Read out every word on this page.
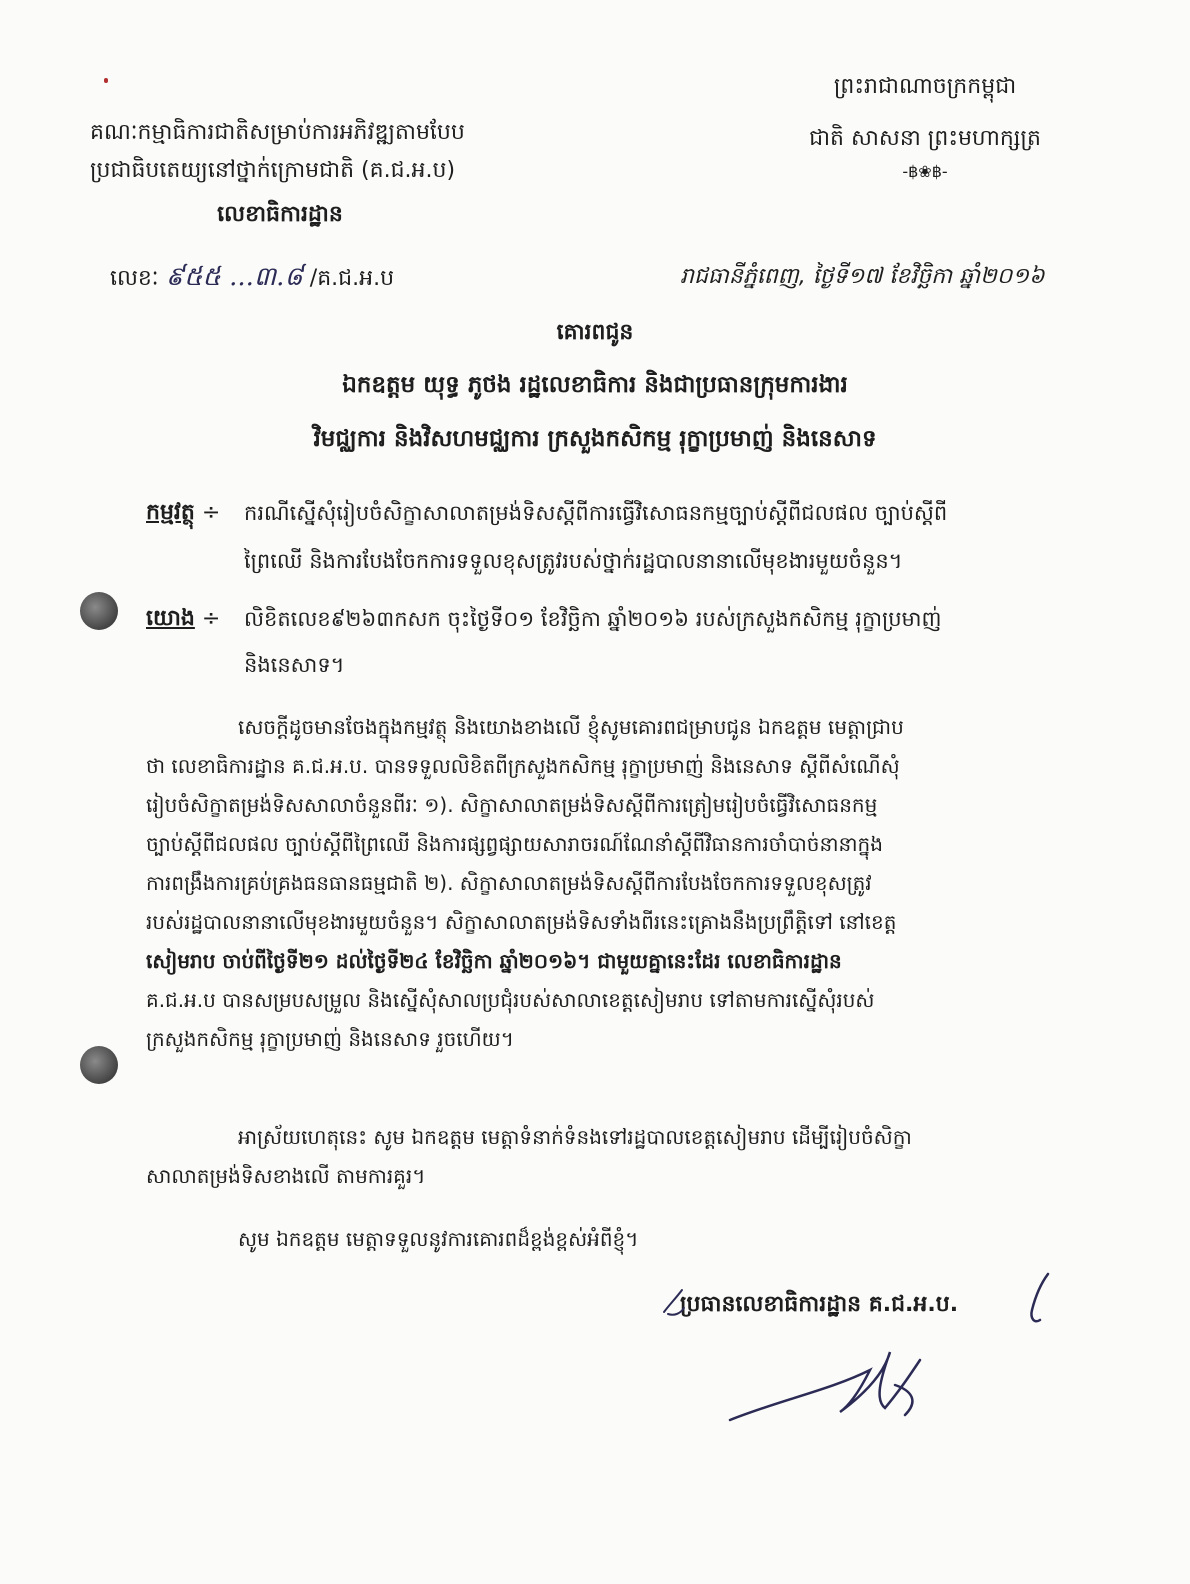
ព្រះរាជាណាចក្រកម្ពុជា
ជាតិ សាសនា ព្រះមហាក្សត្រ
-฿❀฿-
គណៈកម្មាធិការជាតិសម្រាប់ការអភិវឌ្ឍតាមបែប
ប្រជាធិបតេយ្យនៅថ្នាក់ក្រោមជាតិ (គ.ជ.អ.ប)
លេខាធិការដ្ឋាន
លេខៈ ៩៥៥ ...៣.៨ /គ.ជ.អ.ប	រាជធានីភ្នំពេញ, ថ្ងៃទី១៧ ខែវិច្ឆិកា ឆ្នាំ២០១៦
គោរពជូន
ឯកឧត្តម យុទ្ធ ភូថង រដ្ឋលេខាធិការ និងជាប្រធានក្រុមការងារ
វិមជ្ឈការ និងវិសហមជ្ឈការ ក្រសួងកសិកម្ម រុក្ខាប្រមាញ់ និងនេសាទ
កម្មវត្ថុ ÷ ករណីស្នើសុំរៀបចំសិក្ខាសាលាតម្រង់ទិសស្តីពីការធ្វើវិសោធនកម្មច្បាប់ស្តីពីជលផល ច្បាប់ស្តីពី
ព្រៃឈើ និងការបែងចែកការទទួលខុសត្រូវរបស់ថ្នាក់រដ្ឋបាលនានាលើមុខងារមួយចំនួន។
យោង ÷ លិខិតលេខ៩២៦៣កសក ចុះថ្ងៃទី០១ ខែវិច្ឆិកា ឆ្នាំ២០១៦ របស់ក្រសួងកសិកម្ម រុក្ខាប្រមាញ់
និងនេសាទ។
សេចក្តីដូចមានចែងក្នុងកម្មវត្ថុ និងយោងខាងលើ ខ្ញុំសូមគោរពជម្រាបជូន ឯកឧត្តម មេត្តាជ្រាប
ថា លេខាធិការដ្ឋាន គ.ជ.អ.ប. បានទទួលលិខិតពីក្រសួងកសិកម្ម រុក្ខាប្រមាញ់ និងនេសាទ ស្តីពីសំណើសុំ
រៀបចំសិក្ខាតម្រង់ទិសសាលាចំនួនពីរៈ ១). សិក្ខាសាលាតម្រង់ទិសស្តីពីការត្រៀមរៀបចំធ្វើវិសោធនកម្ម
ច្បាប់ស្តីពីជលផល ច្បាប់ស្តីពីព្រៃឈើ និងការផ្សព្វផ្សាយសារាចរណ៍ណែនាំស្តីពីវិធានការចាំបាច់នានាក្នុង
ការពង្រឹងការគ្រប់គ្រងធនធានធម្មជាតិ ២). សិក្ខាសាលាតម្រង់ទិសស្តីពីការបែងចែកការទទួលខុសត្រូវ
របស់រដ្ឋបាលនានាលើមុខងារមួយចំនួន។ សិក្ខាសាលាតម្រង់ទិសទាំងពីរនេះគ្រោងនឹងប្រព្រឹត្តិទៅ នៅខេត្ត
សៀមរាប ចាប់ពីថ្ងៃទី២១ ដល់ថ្ងៃទី២៤ ខែវិច្ឆិកា ឆ្នាំ២០១៦។ ជាមួយគ្នានេះដែរ លេខាធិការដ្ឋាន
គ.ជ.អ.ប បានសម្របសម្រួល និងស្នើសុំសាលប្រជុំរបស់សាលាខេត្តសៀមរាប ទៅតាមការស្នើសុំរបស់
ក្រសួងកសិកម្ម រុក្ខាប្រមាញ់ និងនេសាទ រួចហើយ។
អាស្រ័យហេតុនេះ សូម ឯកឧត្តម មេត្តាទំនាក់ទំនងទៅរដ្ឋបាលខេត្តសៀមរាប ដើម្បីរៀបចំសិក្ខា
សាលាតម្រង់ទិសខាងលើ តាមការគួរ។
សូម ឯកឧត្តម មេត្តាទទួលនូវការគោរពដ៏ខ្ពង់ខ្ពស់អំពីខ្ញុំ។
ប្រធានលេខាធិការដ្ឋាន គ.ជ.អ.ប.
